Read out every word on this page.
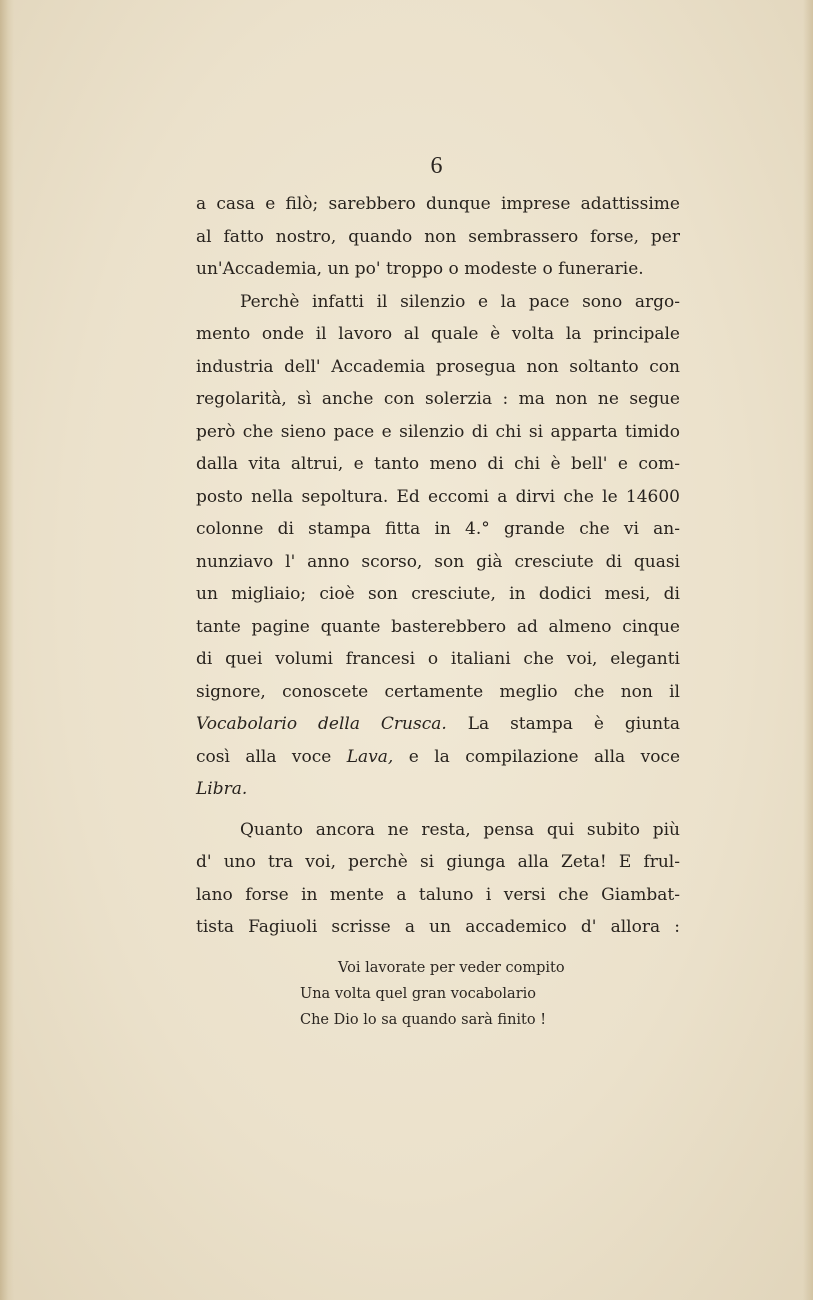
6
a casa e filò; sarebbero dunque imprese adattissime
al fatto nostro, quando non sembrassero forse, per
un'Accademia, un po' troppo o modeste o funerarie.
Perchè infatti il silenzio e la pace sono argo-
mento onde il lavoro al quale è volta la principale
industria dell' Accademia prosegua non soltanto con
regolarità, sì anche con solerzia : ma non ne segue
però che sieno pace e silenzio di chi si apparta timido
dalla vita altrui, e tanto meno di chi è bell' e com-
posto nella sepoltura. Ed eccomi a dirvi che le 14600
colonne di stampa fitta in 4.° grande che vi an-
nunziavo l' anno scorso, son già cresciute di quasi
un migliaio; cioè son cresciute, in dodici mesi, di
tante pagine quante basterebbero ad almeno cinque
di quei volumi francesi o italiani che voi, eleganti
signore, conoscete certamente meglio che non il
Vocabolario della Crusca. La stampa è giunta
così alla voce Lava, e la compilazione alla voce
Libra.
Quanto ancora ne resta, pensa qui subito più
d' uno tra voi, perchè si giunga alla Zeta! E frul-
lano forse in mente a taluno i versi che Giambat-
tista Fagiuoli scrisse a un accademico d' allora :
Voi lavorate per veder compito
Una volta quel gran vocabolario
Che Dio lo sa quando sarà finito !
